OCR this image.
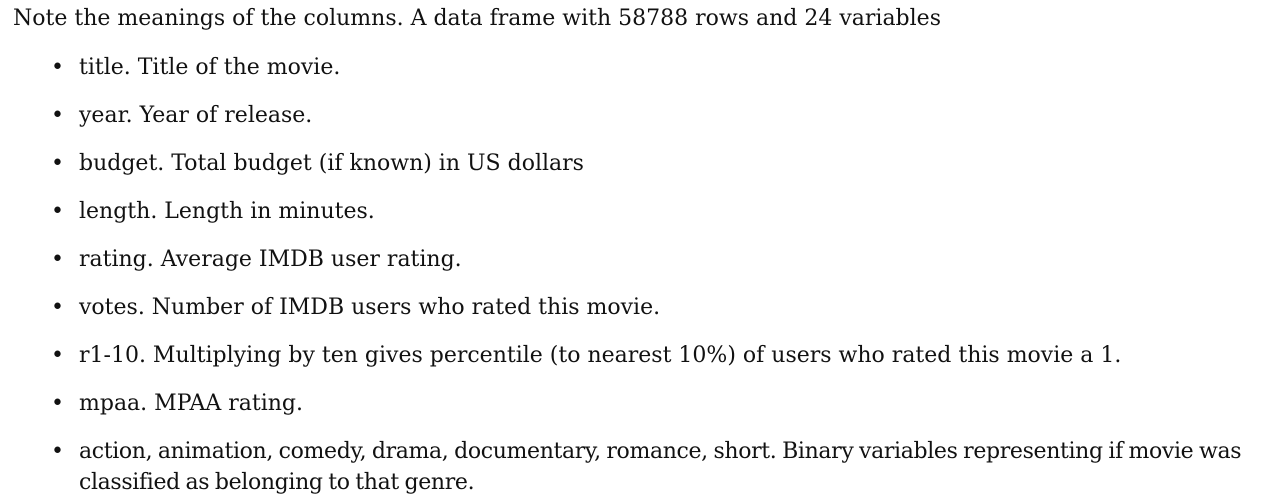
Note the meanings of the columns. A data frame with 58788 rows and 24 variables

• title. Title of the movie.
• year. Year of release.
• budget. Total budget (if known) in US dollars
• length. Length in minutes.
• rating. Average IMDB user rating.
• votes. Number of IMDB users who rated this movie.
• r1-10. Multiplying by ten gives percentile (to nearest 10%) of users who rated this movie a 1.
• mpaa. MPAA rating.
• action, animation, comedy, drama, documentary, romance, short. Binary variables representing if movie was classified as belonging to that genre.
